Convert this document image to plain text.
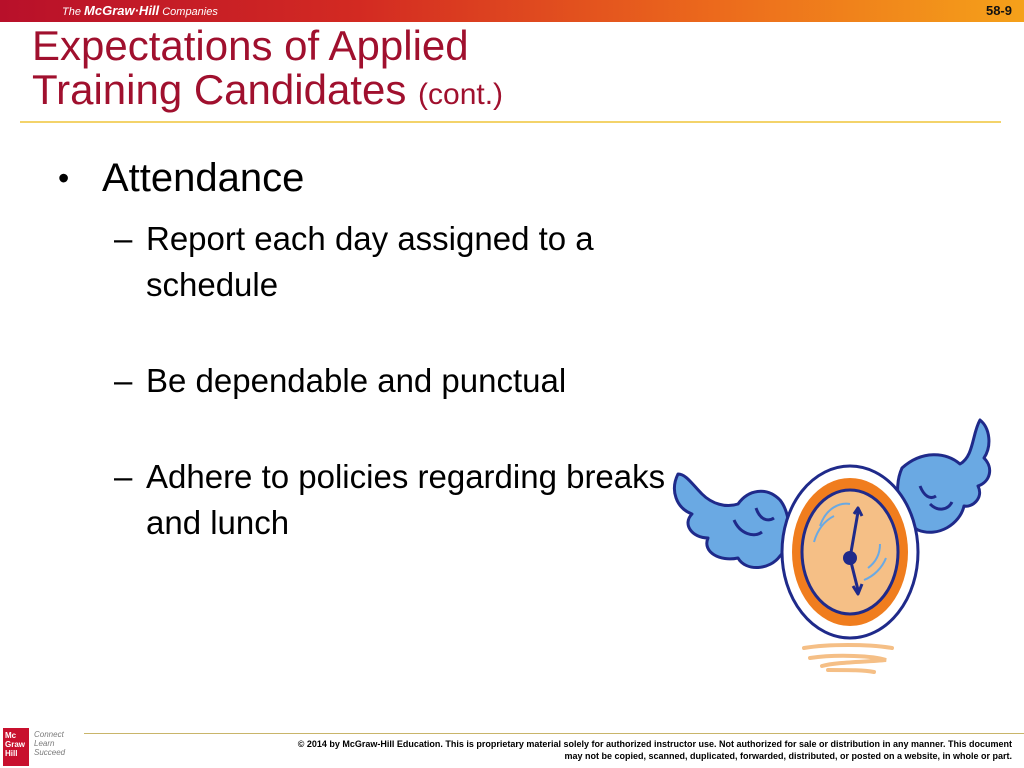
The McGraw·Hill Companies	58-9
Expectations of Applied
Training Candidates (cont.)
• Attendance
– Report each day assigned to a schedule
– Be dependable and punctual
– Adhere to policies regarding breaks and lunch
Mc
Graw
Hill
Connect
Learn
Succeed
© 2014 by McGraw-Hill Education. This is proprietary material solely for authorized instructor use. Not authorized for sale or distribution in any manner. This document may not be copied, scanned, duplicated, forwarded, distributed, or posted on a website, in whole or part.
